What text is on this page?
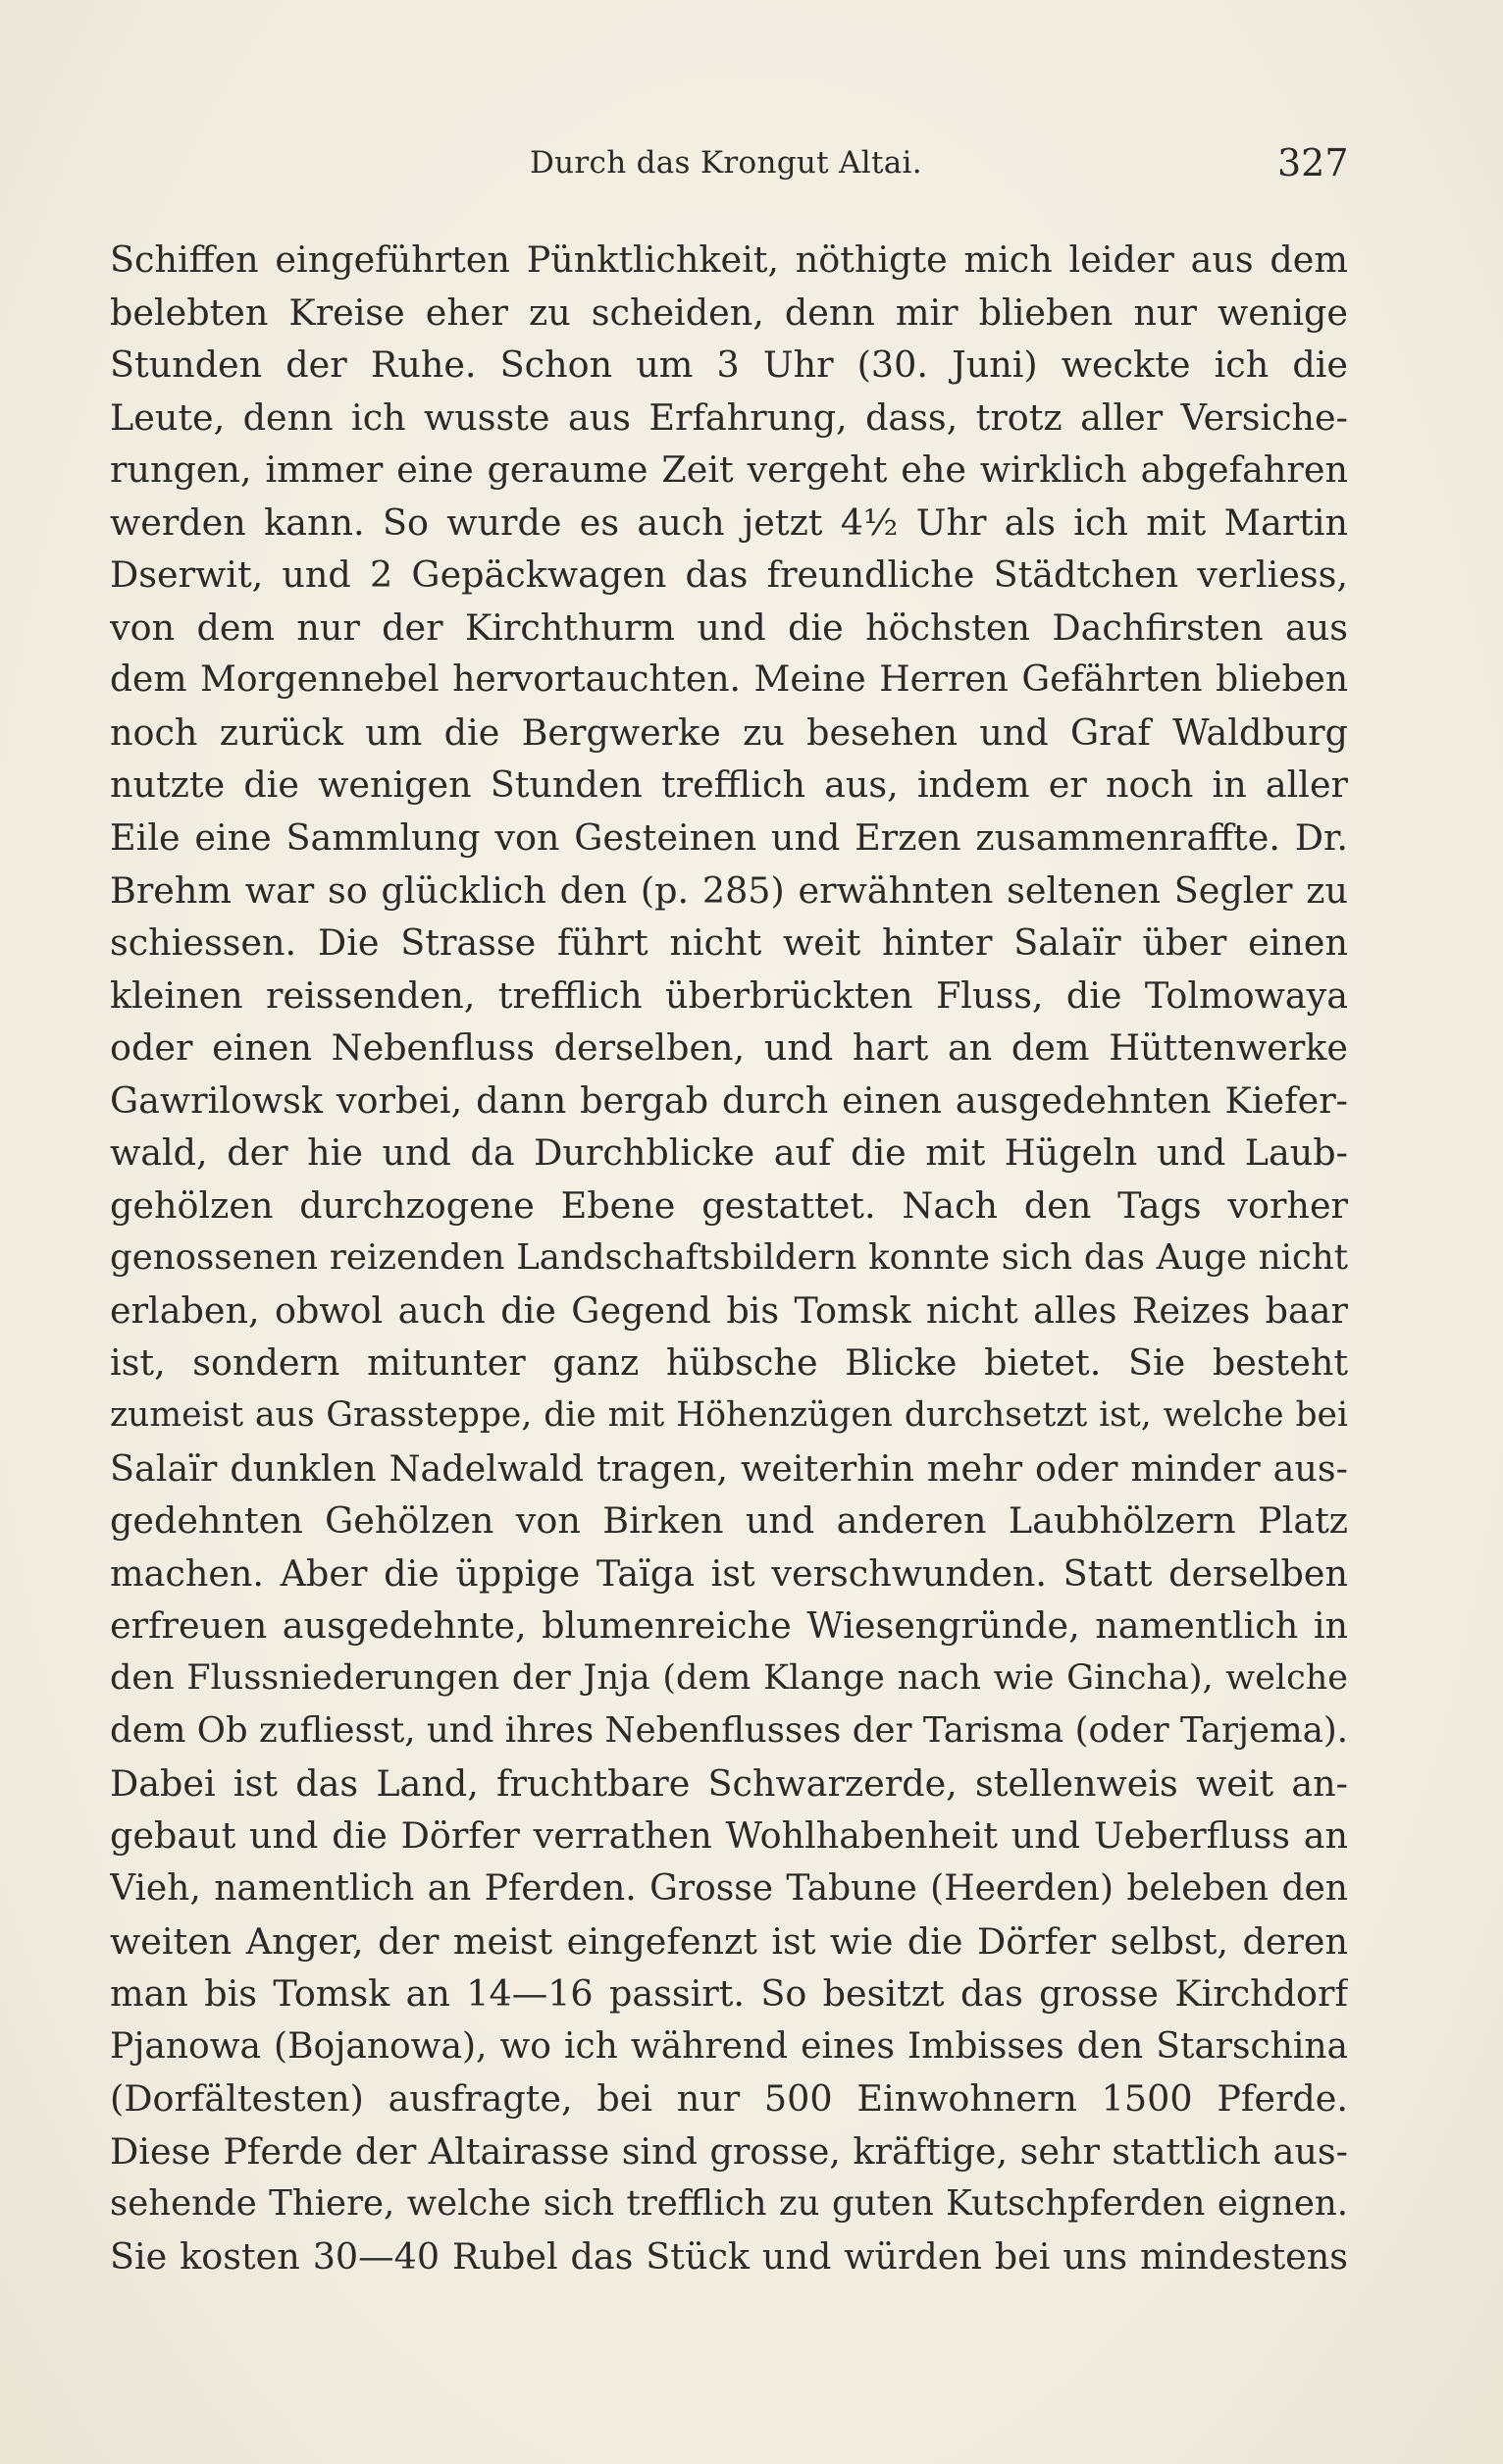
Durch das Krongut Altai.	327
Schiffen eingeführten Pünktlichkeit, nöthigte mich leider aus dem
belebten Kreise eher zu scheiden, denn mir blieben nur wenige
Stunden der Ruhe. Schon um 3 Uhr (30. Juni) weckte ich die
Leute, denn ich wusste aus Erfahrung, dass, trotz aller Versiche-
rungen, immer eine geraume Zeit vergeht ehe wirklich abgefahren
werden kann. So wurde es auch jetzt 4½ Uhr als ich mit Martin
Dserwit, und 2 Gepäckwagen das freundliche Städtchen verliess,
von dem nur der Kirchthurm und die höchsten Dachfirsten aus
dem Morgennebel hervortauchten. Meine Herren Gefährten blieben
noch zurück um die Bergwerke zu besehen und Graf Waldburg
nutzte die wenigen Stunden trefflich aus, indem er noch in aller
Eile eine Sammlung von Gesteinen und Erzen zusammenraffte. Dr.
Brehm war so glücklich den (p. 285) erwähnten seltenen Segler zu
schiessen. Die Strasse führt nicht weit hinter Salaïr über einen
kleinen reissenden, trefflich überbrückten Fluss, die Tolmowaya
oder einen Nebenfluss derselben, und hart an dem Hüttenwerke
Gawrilowsk vorbei, dann bergab durch einen ausgedehnten Kiefer-
wald, der hie und da Durchblicke auf die mit Hügeln und Laub-
gehölzen durchzogene Ebene gestattet. Nach den Tags vorher
genossenen reizenden Landschaftsbildern konnte sich das Auge nicht
erlaben, obwol auch die Gegend bis Tomsk nicht alles Reizes baar
ist, sondern mitunter ganz hübsche Blicke bietet. Sie besteht
zumeist aus Grassteppe, die mit Höhenzügen durchsetzt ist, welche bei
Salaïr dunklen Nadelwald tragen, weiterhin mehr oder minder aus-
gedehnten Gehölzen von Birken und anderen Laubhölzern Platz
machen. Aber die üppige Taïga ist verschwunden. Statt derselben
erfreuen ausgedehnte, blumenreiche Wiesengründe, namentlich in
den Flussniederungen der Jnja (dem Klange nach wie Gincha), welche
dem Ob zufliesst, und ihres Nebenflusses der Tarisma (oder Tarjema).
Dabei ist das Land, fruchtbare Schwarzerde, stellenweis weit an-
gebaut und die Dörfer verrathen Wohlhabenheit und Ueberfluss an
Vieh, namentlich an Pferden. Grosse Tabune (Heerden) beleben den
weiten Anger, der meist eingefenzt ist wie die Dörfer selbst, deren
man bis Tomsk an 14—16 passirt. So besitzt das grosse Kirchdorf
Pjanowa (Bojanowa), wo ich während eines Imbisses den Starschina
(Dorfältesten) ausfragte, bei nur 500 Einwohnern 1500 Pferde.
Diese Pferde der Altairasse sind grosse, kräftige, sehr stattlich aus-
sehende Thiere, welche sich trefflich zu guten Kutschpferden eignen.
Sie kosten 30—40 Rubel das Stück und würden bei uns mindestens
